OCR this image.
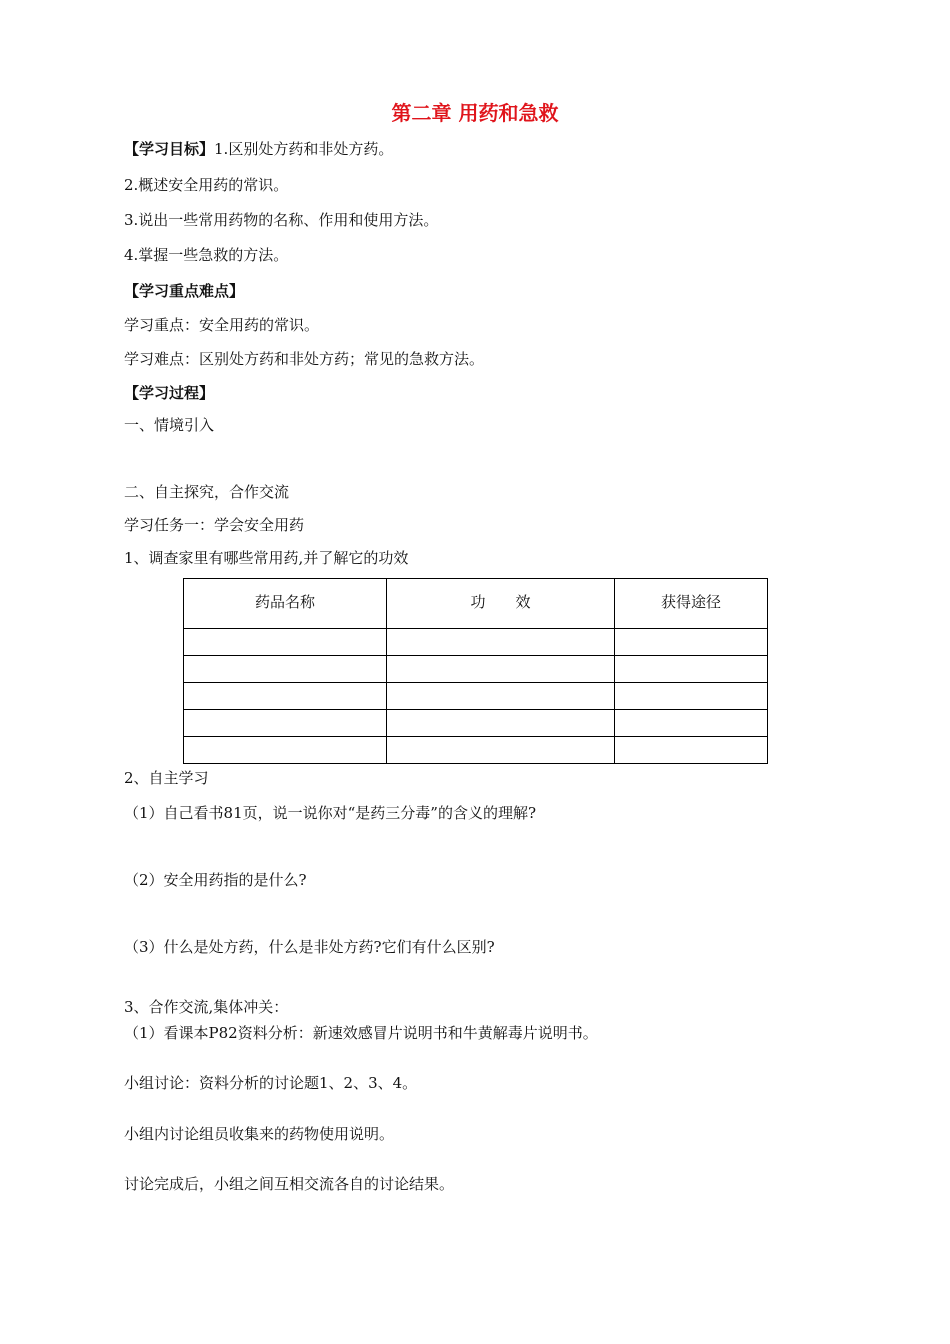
第二章 用药和急救
【学习目标】1.区别处方药和非处方药。
2.概述安全用药的常识。
3.说出一些常用药物的名称、作用和使用方法。
4.掌握一些急救的方法。
【学习重点难点】
学习重点：安全用药的常识。
学习难点：区别处方药和非处方药；常见的急救方法。
【学习过程】
一、情境引入
二、自主探究，合作交流
学习任务一：学会安全用药
1、调查家里有哪些常用药,并了解它的功效
药品名称	功　　效	获得途径

2、自主学习
（1）自己看书81页，说一说你对“是药三分毒”的含义的理解?
（2）安全用药指的是什么?
（3）什么是处方药，什么是非处方药?它们有什么区别?
3、合作交流,集体冲关：
（1）看课本P82资料分析：新速效感冒片说明书和牛黄解毒片说明书。
小组讨论：资料分析的讨论题1、2、3、4。
小组内讨论组员收集来的药物使用说明。
讨论完成后，小组之间互相交流各自的讨论结果。
